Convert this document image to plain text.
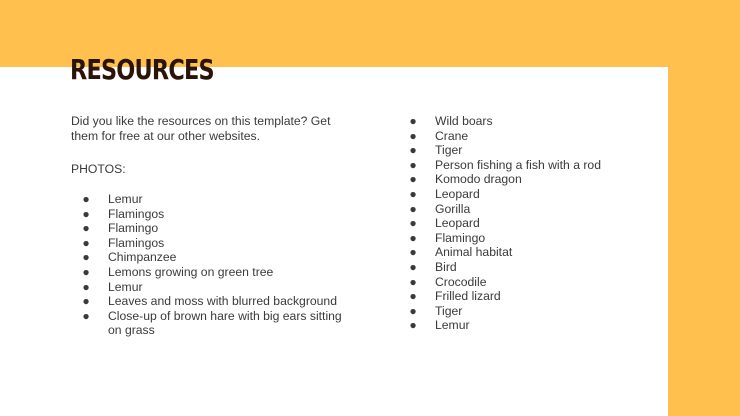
RESOURCES

Did you like the resources on this template? Get them for free at our other websites.

PHOTOS:

● Lemur
● Flamingos
● Flamingo
● Flamingos
● Chimpanzee
● Lemons growing on green tree
● Lemur
● Leaves and moss with blurred background
● Close-up of brown hare with big ears sitting on grass
● Wild boars
● Crane
● Tiger
● Person fishing a fish with a rod
● Komodo dragon
● Leopard
● Gorilla
● Leopard
● Flamingo
● Animal habitat
● Bird
● Crocodile
● Frilled lizard
● Tiger
● Lemur
